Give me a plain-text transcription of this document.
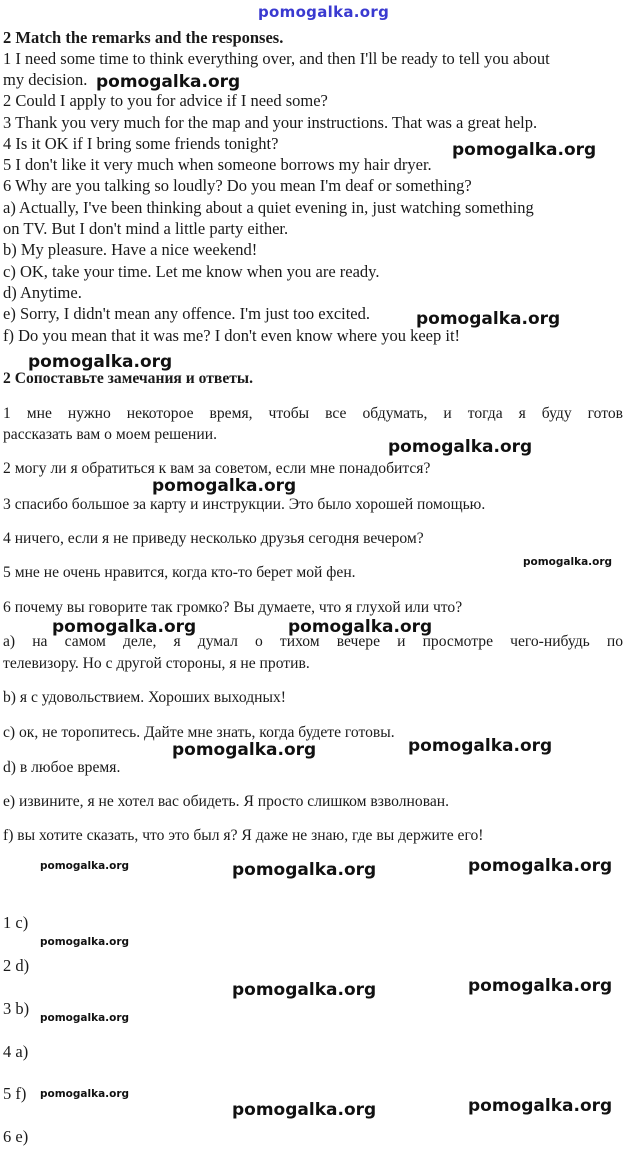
pomogalka.org

2 Match the remarks and the responses.

1 I need some time to think everything over, and then I'll be ready to tell you about

my decision.

2 Could I apply to you for advice if I need some?

3 Thank you very much for the map and your instructions. That was a great help.

4 Is it OK if I bring some friends tonight?

5 I don't like it very much when someone borrows my hair dryer.

6 Why are you talking so loudly? Do you mean I'm deaf or something?

a) Actually, I've been thinking about a quiet evening in, just watching something

on TV. But I don't mind a little party either.

b) My pleasure. Have a nice weekend!

c) OK, take your time. Let me know when you are ready.

d) Anytime.

e) Sorry, I didn't mean any offence. I'm just too excited.

f) Do you mean that it was me? I don't even know where you keep it!

2 Сопоставьте замечания и ответы.

1 мне нужно некоторое время, чтобы все обдумать, и тогда я буду готов

рассказать вам о моем решении.

2 могу ли я обратиться к вам за советом, если мне понадобится?

3 спасибо большое за карту и инструкции. Это было хорошей помощью.

4 ничего, если я не приведу несколько друзья сегодня вечером?

5 мне не очень нравится, когда кто-то берет мой фен.

6 почему вы говорите так громко? Вы думаете, что я глухой или что?

а) на самом деле, я думал о тихом вечере и просмотре чего-нибудь по

телевизору. Но с другой стороны, я не против.

b) я с удовольствием. Хороших выходных!

c) ок, не торопитесь. Дайте мне знать, когда будете готовы.

d) в любое время.

e) извините, я не хотел вас обидеть. Я просто слишком взволнован.

f) вы хотите сказать, что это был я? Я даже не знаю, где вы держите его!

1 c)

2 d)

3 b)

4 a)

5 f)

6 e)

pomogalka.org
pomogalka.org
pomogalka.org
pomogalka.org
pomogalka.org
pomogalka.org
pomogalka.org
pomogalka.org	pomogalka.org
pomogalka.org
pomogalka.org
pomogalka.org	pomogalka.org	pomogalka.org
pomogalka.org
pomogalka.org	pomogalka.org
pomogalka.org
pomogalka.org
pomogalka.org	pomogalka.org
